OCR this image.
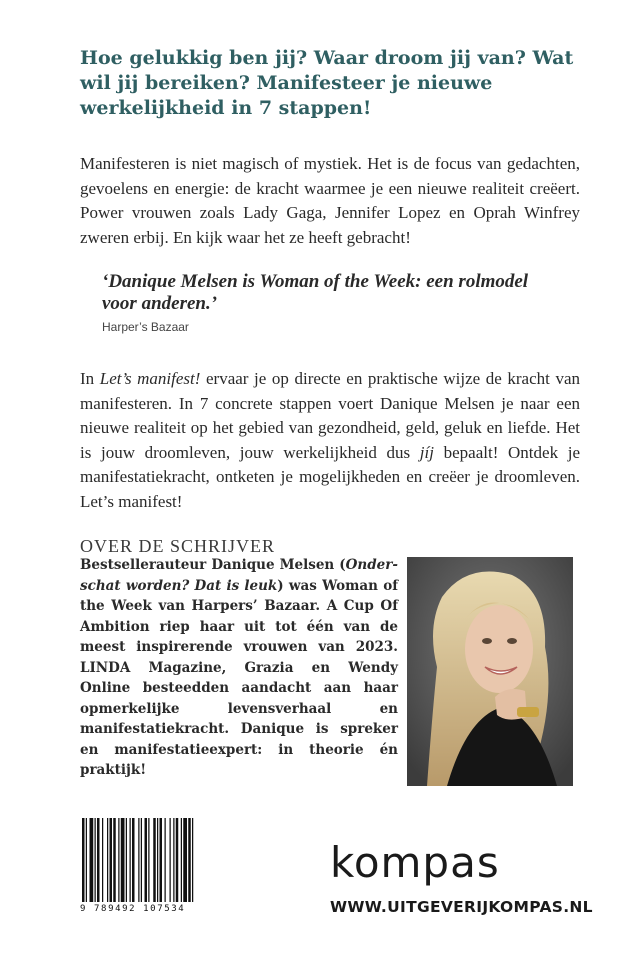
Hoe gelukkig ben jij? Waar droom jij van? Wat wil jij bereiken? Manifesteer je nieuwe werkelijkheid in 7 stappen!

Manifesteren is niet magisch of mystiek. Het is de focus van gedachten, gevoelens en energie: de kracht waarmee je een nieuwe realiteit creëert. Power vrouwen zoals Lady Gaga, Jennifer Lopez en Oprah Winfrey zweren erbij. En kijk waar het ze heeft gebracht!

‘Danique Melsen is Woman of the Week: een rolmodel voor anderen.’

Harper’s Bazaar

In Let’s manifest! ervaar je op directe en praktische wijze de kracht van manifesteren. In 7 concrete stappen voert Danique Melsen je naar een nieuwe realiteit op het gebied van gezondheid, geld, geluk en liefde. Het is jouw droomleven, jouw werkelijkheid dus jíj bepaalt! Ontdek je manifestatiekracht, ontketen je mogelijkheden en creëer je droomleven. Let’s manifest!

OVER DE SCHRIJVER

Bestsellerauteur Danique Melsen (Onderschat worden? Dat is leuk) was Woman of the Week van Harpers’ Bazaar. A Cup Of Ambition riep haar uit tot één van de meest inspirerende vrouwen van 2023. LINDA Magazine, Grazia en Wendy Online besteedden aandacht aan haar opmerkelijke levensverhaal en manifestatiekracht. Danique is spreker en manifestatieexpert: in theorie én praktijk!

9 789492 107534
kompas
WWW.UITGEVERIJKOMPAS.NL
